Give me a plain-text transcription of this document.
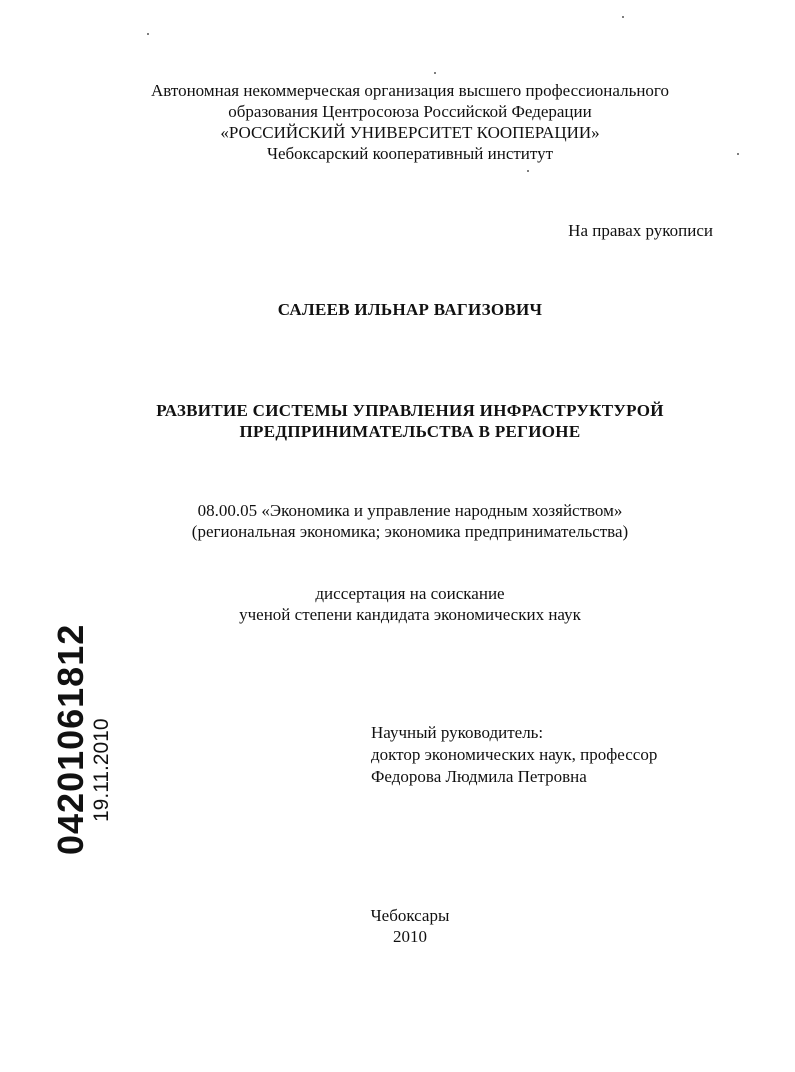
Автономная некоммерческая организация высшего профессионального
образования Центросоюза Российской Федерации
«РОССИЙСКИЙ УНИВЕРСИТЕТ КООПЕРАЦИИ»
Чебоксарский кооперативный институт
На правах рукописи
САЛЕЕВ ИЛЬНАР ВАГИЗОВИЧ
РАЗВИТИЕ СИСТЕМЫ УПРАВЛЕНИЯ ИНФРАСТРУКТУРОЙ
ПРЕДПРИНИМАТЕЛЬСТВА В РЕГИОНЕ
08.00.05 «Экономика и управление народным хозяйством»
(региональная экономика; экономика предпринимательства)
диссертация на соискание
ученой степени кандидата экономических наук
Научный руководитель:
доктор экономических наук, профессор
Федорова Людмила Петровна
Чебоксары
2010
04201061812 19.11.2010
